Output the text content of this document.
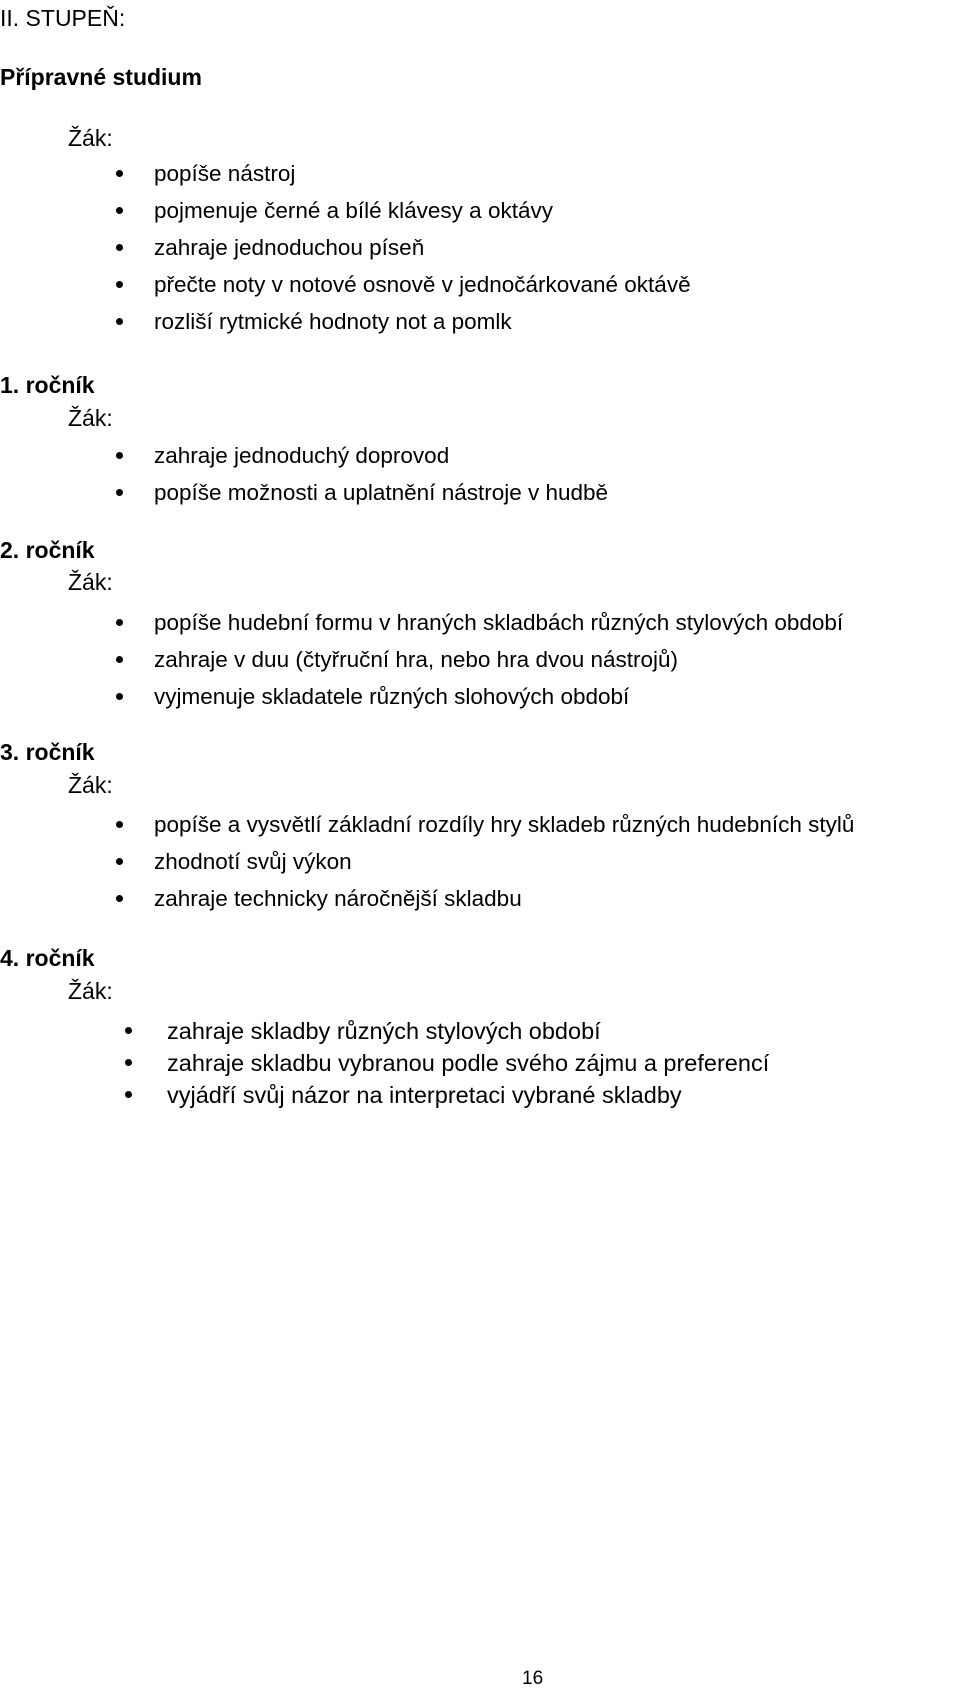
II. STUPEŇ:

Přípravné studium

Žák:

popíše nástroj
pojmenuje černé a bílé klávesy a oktávy
zahraje jednoduchou píseň
přečte noty v notové osnově v jednočárkované oktávě
rozliší rytmické hodnoty not a pomlk

1. ročník

Žák:

zahraje jednoduchý doprovod
popíše možnosti a uplatnění nástroje v hudbě

2. ročník

Žák:

popíše hudební formu v hraných skladbách různých stylových období
zahraje v duu (čtyřruční hra, nebo hra dvou nástrojů)
vyjmenuje skladatele různých slohových období

3. ročník

Žák:

popíše a vysvětlí základní rozdíly hry skladeb různých hudebních stylů
zhodnotí svůj výkon
zahraje technicky náročnější skladbu

4. ročník

Žák:

zahraje skladby různých stylových období
zahraje skladbu vybranou podle svého zájmu a preferencí
vyjádří svůj názor na interpretaci vybrané skladby
16
